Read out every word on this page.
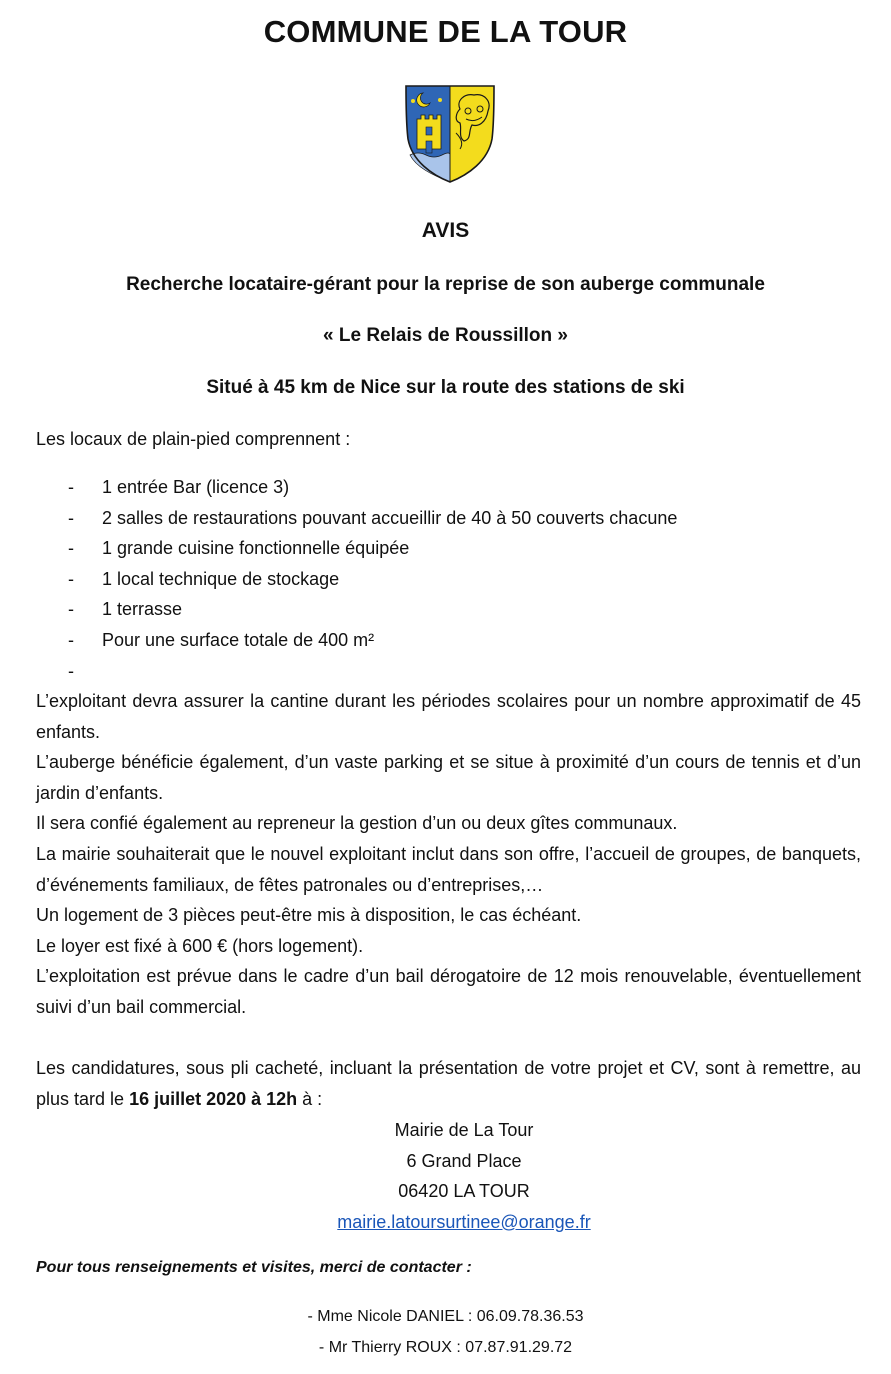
COMMUNE DE LA TOUR
AVIS
Recherche locataire-gérant pour la reprise de son auberge communale
« Le Relais de Roussillon »
Situé à 45 km de Nice sur la route des stations de ski
Les locaux de plain-pied comprennent :
- 1 entrée Bar (licence 3)
- 2 salles de restaurations pouvant accueillir de 40 à 50 couverts chacune
- 1 grande cuisine fonctionnelle équipée
- 1 local technique de stockage
- 1 terrasse
- Pour une surface totale de 400 m²
-

L’exploitant devra assurer la cantine durant les périodes scolaires pour un nombre approximatif de 45 enfants.

L’auberge bénéficie également, d’un vaste parking et se situe à proximité d’un cours de tennis et d’un jardin d’enfants.

Il sera confié également au repreneur la gestion d’un ou deux gîtes communaux.

La mairie souhaiterait que le nouvel exploitant inclut dans son offre, l’accueil de groupes, de banquets, d’événements familiaux, de fêtes patronales ou d’entreprises,…

Un logement de 3 pièces peut-être mis à disposition, le cas échéant.

Le loyer est fixé à 600 € (hors logement).

L’exploitation est prévue dans le cadre d’un bail dérogatoire de 12 mois renouvelable, éventuellement suivi d’un bail commercial.

Les candidatures, sous pli cacheté, incluant la présentation de votre projet et CV, sont à remettre, au plus tard le 16 juillet 2020 à 12h à :

Mairie de La Tour
6 Grand Place
06420 LA TOUR
mairie.latoursurtinee@orange.fr
Pour tous renseignements et visites, merci de contacter :
- Mme Nicole DANIEL : 06.09.78.36.53
- Mr Thierry ROUX : 07.87.91.29.72
